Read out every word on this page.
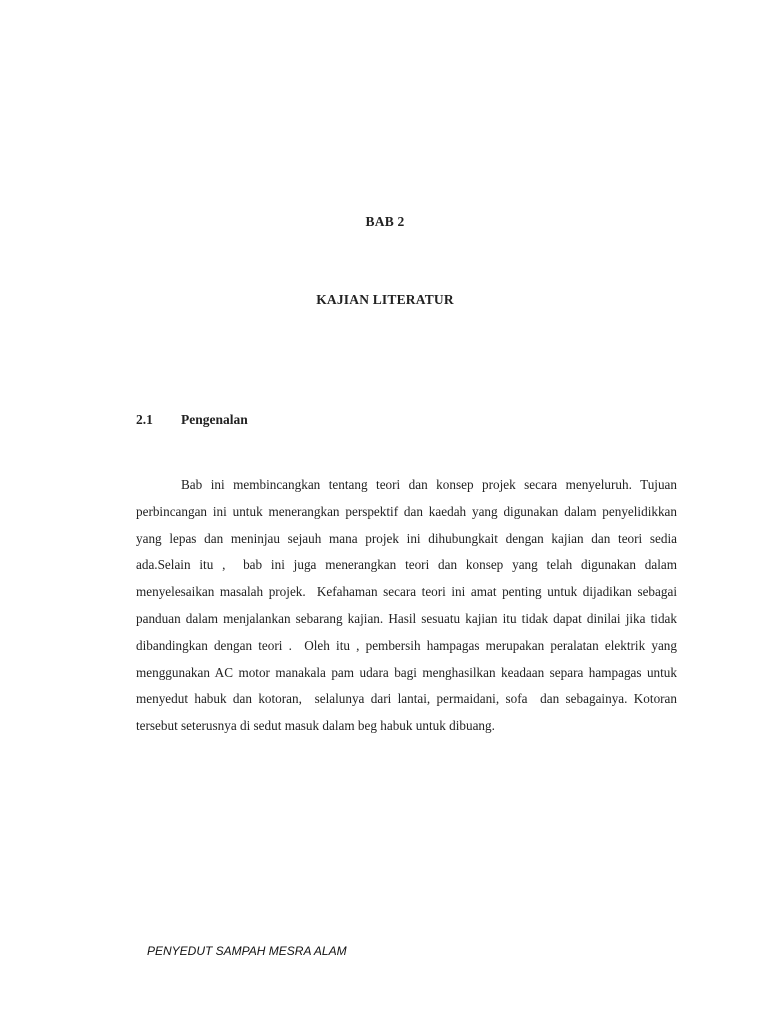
BAB 2
KAJIAN LITERATUR
2.1 Pengenalan

Bab ini membincangkan tentang teori dan konsep projek secara menyeluruh. Tujuan perbincangan ini untuk menerangkan perspektif dan kaedah yang digunakan dalam penyelidikkan yang lepas dan meninjau sejauh mana projek ini dihubungkait dengan kajian dan teori sedia ada.Selain itu ,  bab ini juga menerangkan teori dan konsep yang telah digunakan dalam menyelesaikan masalah projek.  Kefahaman secara teori ini amat penting untuk dijadikan sebagai panduan dalam menjalankan sebarang kajian. Hasil sesuatu kajian itu tidak dapat dinilai jika tidak dibandingkan dengan teori .  Oleh itu , pembersih hampagas merupakan peralatan elektrik yang menggunakan AC motor manakala pam udara bagi menghasilkan keadaan separa hampagas untuk menyedut habuk dan kotoran,  selalunya dari lantai, permaidani, sofa  dan sebagainya. Kotoran tersebut seterusnya di sedut masuk dalam beg habuk untuk dibuang.

PENYEDUT SAMPAH MESRA ALAM
